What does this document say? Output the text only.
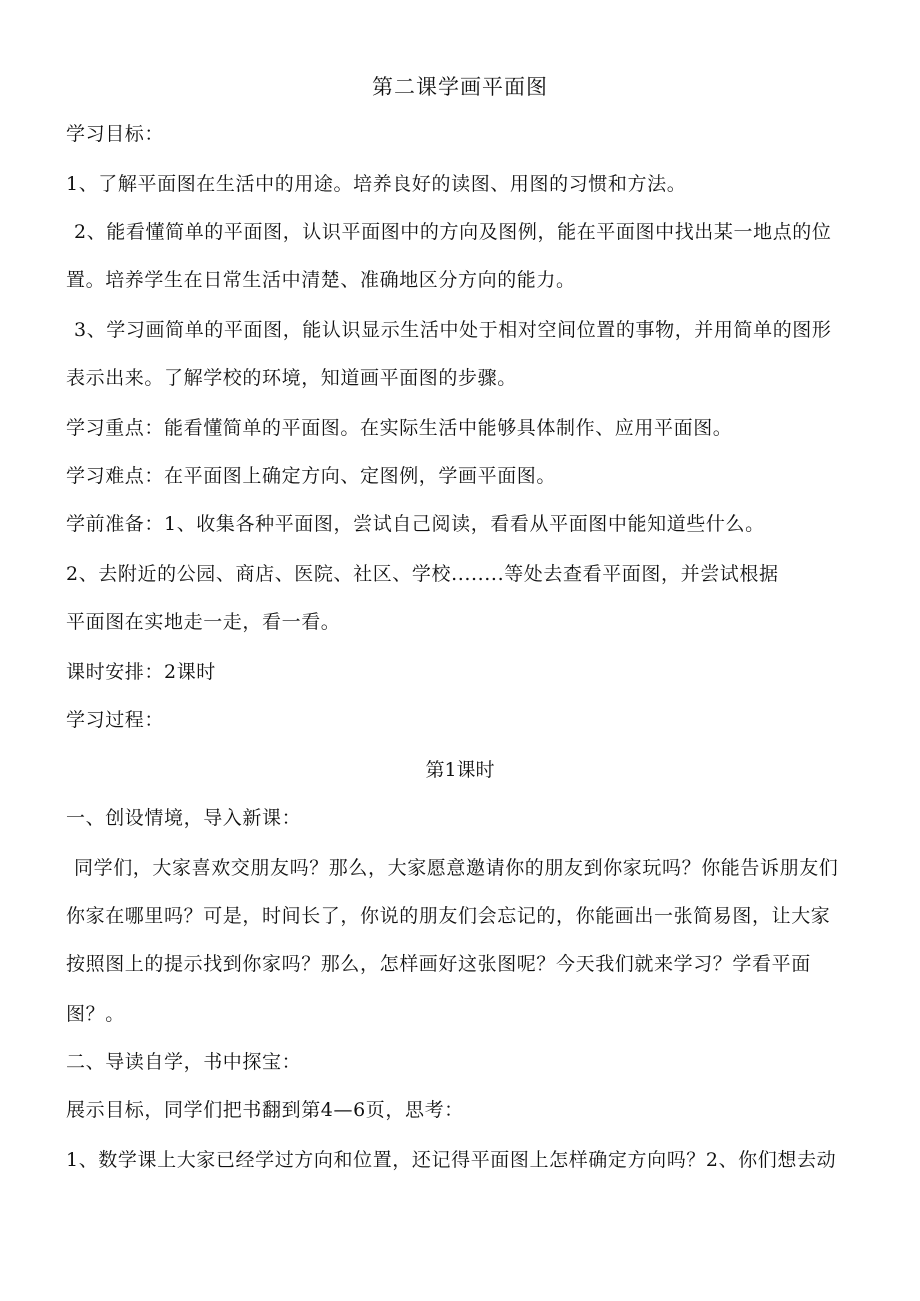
第二课学画平面图
学习目标：
1、了解平面图在生活中的用途。培养良好的读图、用图的习惯和方法。
2、能看懂简单的平面图，认识平面图中的方向及图例，能在平面图中找出某一地点的位
置。培养学生在日常生活中清楚、准确地区分方向的能力。
3、学习画简单的平面图，能认识显示生活中处于相对空间位置的事物，并用简单的图形
表示出来。了解学校的环境，知道画平面图的步骤。
学习重点：能看懂简单的平面图。在实际生活中能够具体制作、应用平面图。
学习难点：在平面图上确定方向、定图例，学画平面图。
学前准备：1、收集各种平面图，尝试自己阅读，看看从平面图中能知道些什么。
2、去附近的公园、商店、医院、社区、学校........等处去查看平面图，并尝试根据
平面图在实地走一走，看一看。
课时安排：2课时
学习过程：
第1课时
一、创设情境，导入新课：
同学们，大家喜欢交朋友吗？那么，大家愿意邀请你的朋友到你家玩吗？你能告诉朋友们
你家在哪里吗？可是，时间长了，你说的朋友们会忘记的，你能画出一张简易图，让大家
按照图上的提示找到你家吗？那么，怎样画好这张图呢？今天我们就来学习？学看平面
图？。
二、导读自学，书中探宝：
展示目标，同学们把书翻到第4—6页，思考：
1、数学课上大家已经学过方向和位置，还记得平面图上怎样确定方向吗？2、你们想去动
